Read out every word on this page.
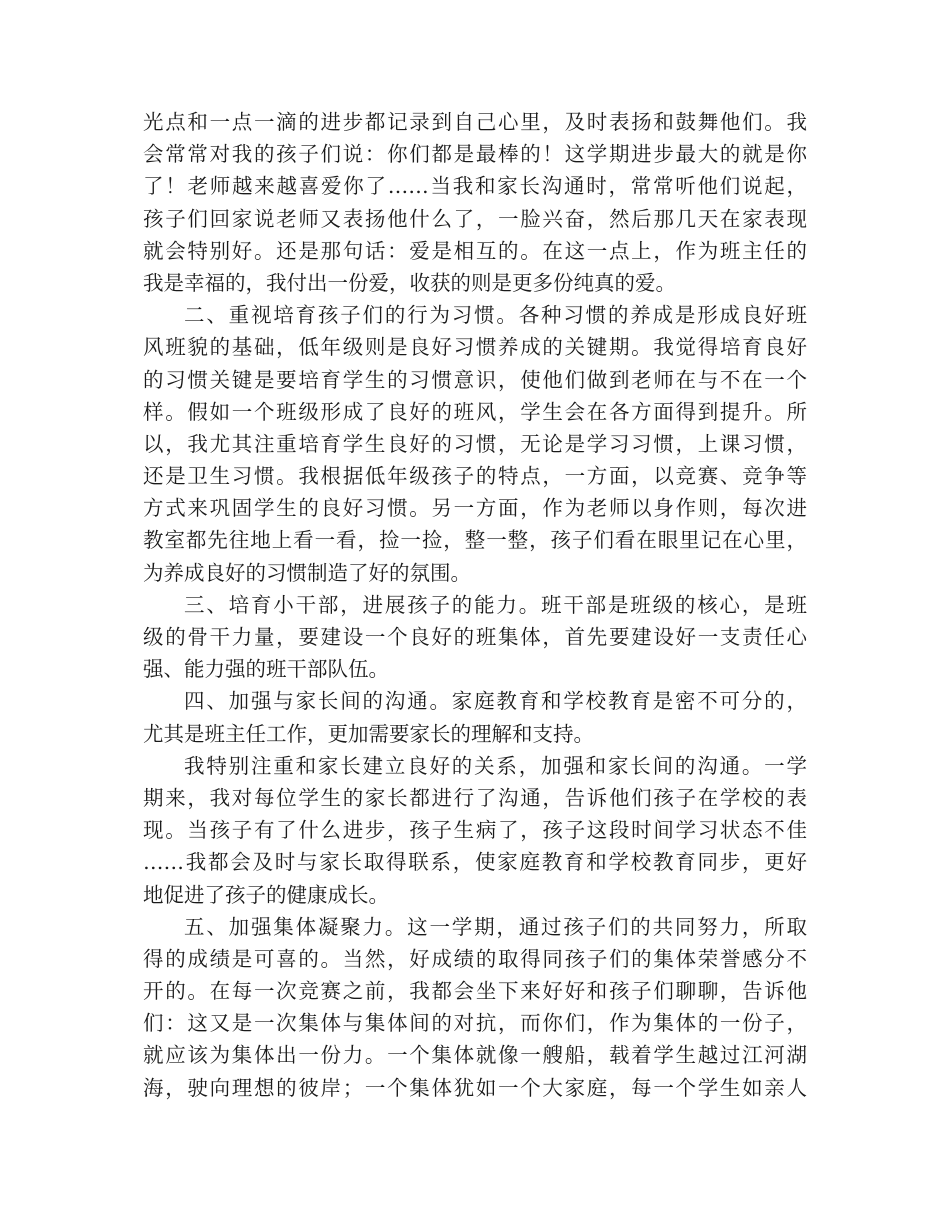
光点和一点一滴的进步都记录到自己心里，及时表扬和鼓舞他们。我
会常常对我的孩子们说：你们都是最棒的！这学期进步最大的就是你
了！老师越来越喜爱你了……当我和家长沟通时，常常听他们说起，
孩子们回家说老师又表扬他什么了，一脸兴奋，然后那几天在家表现
就会特别好。还是那句话：爱是相互的。在这一点上，作为班主任的
我是幸福的，我付出一份爱，收获的则是更多份纯真的爱。
二、重视培育孩子们的行为习惯。各种习惯的养成是形成良好班
风班貌的基础，低年级则是良好习惯养成的关键期。我觉得培育良好
的习惯关键是要培育学生的习惯意识，使他们做到老师在与不在一个
样。假如一个班级形成了良好的班风，学生会在各方面得到提升。所
以，我尤其注重培育学生良好的习惯，无论是学习习惯，上课习惯，
还是卫生习惯。我根据低年级孩子的特点，一方面，以竞赛、竞争等
方式来巩固学生的良好习惯。另一方面，作为老师以身作则，每次进
教室都先往地上看一看，捡一捡，整一整，孩子们看在眼里记在心里，
为养成良好的习惯制造了好的氛围。
三、培育小干部，进展孩子的能力。班干部是班级的核心，是班
级的骨干力量，要建设一个良好的班集体，首先要建设好一支责任心
强、能力强的班干部队伍。
四、加强与家长间的沟通。家庭教育和学校教育是密不可分的，
尤其是班主任工作，更加需要家长的理解和支持。
我特别注重和家长建立良好的关系，加强和家长间的沟通。一学
期来，我对每位学生的家长都进行了沟通，告诉他们孩子在学校的表
现。当孩子有了什么进步，孩子生病了，孩子这段时间学习状态不佳
……我都会及时与家长取得联系，使家庭教育和学校教育同步，更好
地促进了孩子的健康成长。
五、加强集体凝聚力。这一学期，通过孩子们的共同努力，所取
得的成绩是可喜的。当然，好成绩的取得同孩子们的集体荣誉感分不
开的。在每一次竞赛之前，我都会坐下来好好和孩子们聊聊，告诉他
们：这又是一次集体与集体间的对抗，而你们，作为集体的一份子，
就应该为集体出一份力。一个集体就像一艘船，载着学生越过江河湖
海，驶向理想的彼岸；一个集体犹如一个大家庭，每一个学生如亲人
